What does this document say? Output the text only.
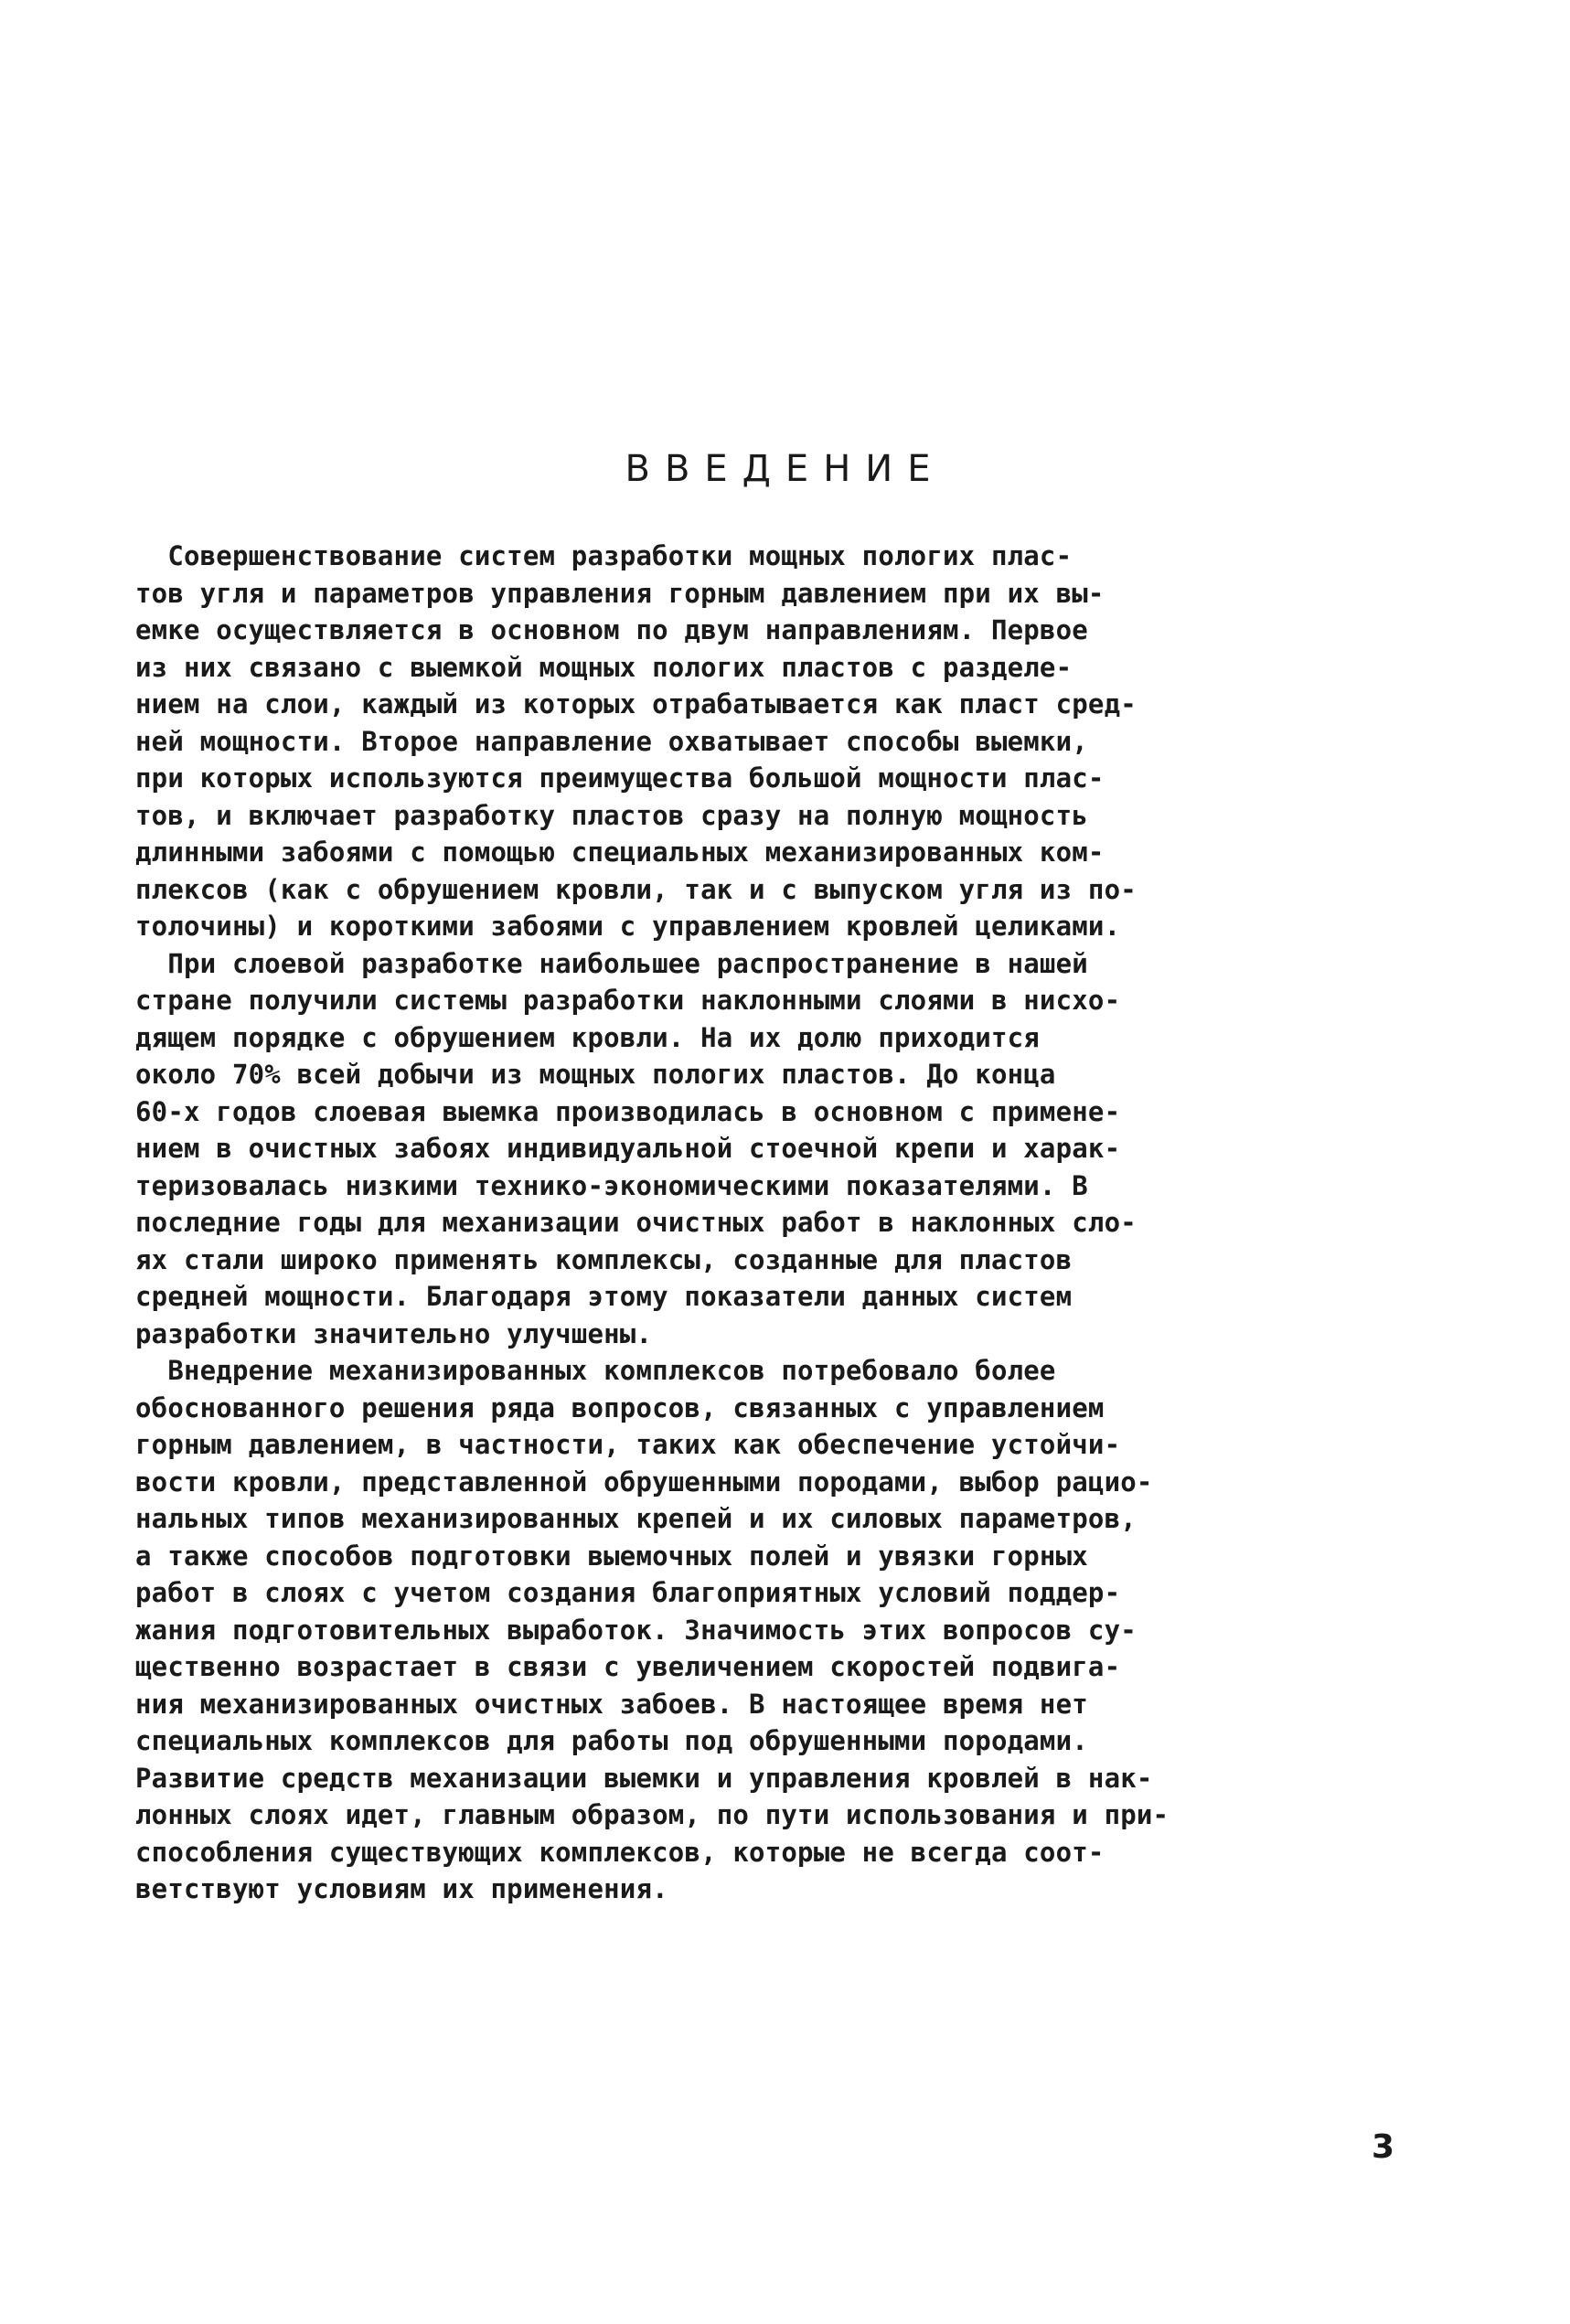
ВВЕДЕНИЕ
Совершенствование систем разработки мощных пологих плас-
тов угля и параметров управления горным давлением при их вы-
емке осуществляется в основном по двум направлениям. Первое
из них связано с выемкой мощных пологих пластов с разделе-
нием на слои, каждый из которых отрабатывается как пласт сред-
ней мощности. Второе направление охватывает способы выемки,
при которых используются преимущества большой мощности плас-
тов, и включает разработку пластов сразу на полную мощность
длинными забоями с помощью специальных механизированных ком-
плексов (как с обрушением кровли, так и с выпуском угля из по-
толочины) и короткими забоями с управлением кровлей целиками.
При слоевой разработке наибольшее распространение в нашей
стране получили системы разработки наклонными слоями в нисхо-
дящем порядке с обрушением кровли. На их долю приходится
около 70% всей добычи из мощных пологих пластов. До конца
60-х годов слоевая выемка производилась в основном с примене-
нием в очистных забоях индивидуальной стоечной крепи и харак-
теризовалась низкими технико-экономическими показателями. В
последние годы для механизации очистных работ в наклонных сло-
ях стали широко применять комплексы, созданные для пластов
средней мощности. Благодаря этому показатели данных систем
разработки значительно улучшены.
Внедрение механизированных комплексов потребовало более
обоснованного решения ряда вопросов, связанных с управлением
горным давлением, в частности, таких как обеспечение устойчи-
вости кровли, представленной обрушенными породами, выбор рацио-
нальных типов механизированных крепей и их силовых параметров,
а также способов подготовки выемочных полей и увязки горных
работ в слоях с учетом создания благоприятных условий поддер-
жания подготовительных выработок. Значимость этих вопросов су-
щественно возрастает в связи с увеличением скоростей подвига-
ния механизированных очистных забоев. В настоящее время нет
специальных комплексов для работы под обрушенными породами.
Развитие средств механизации выемки и управления кровлей в нак-
лонных слоях идет, главным образом, по пути использования и при-
способления существующих комплексов, которые не всегда соот-
ветствуют условиям их применения.
3
